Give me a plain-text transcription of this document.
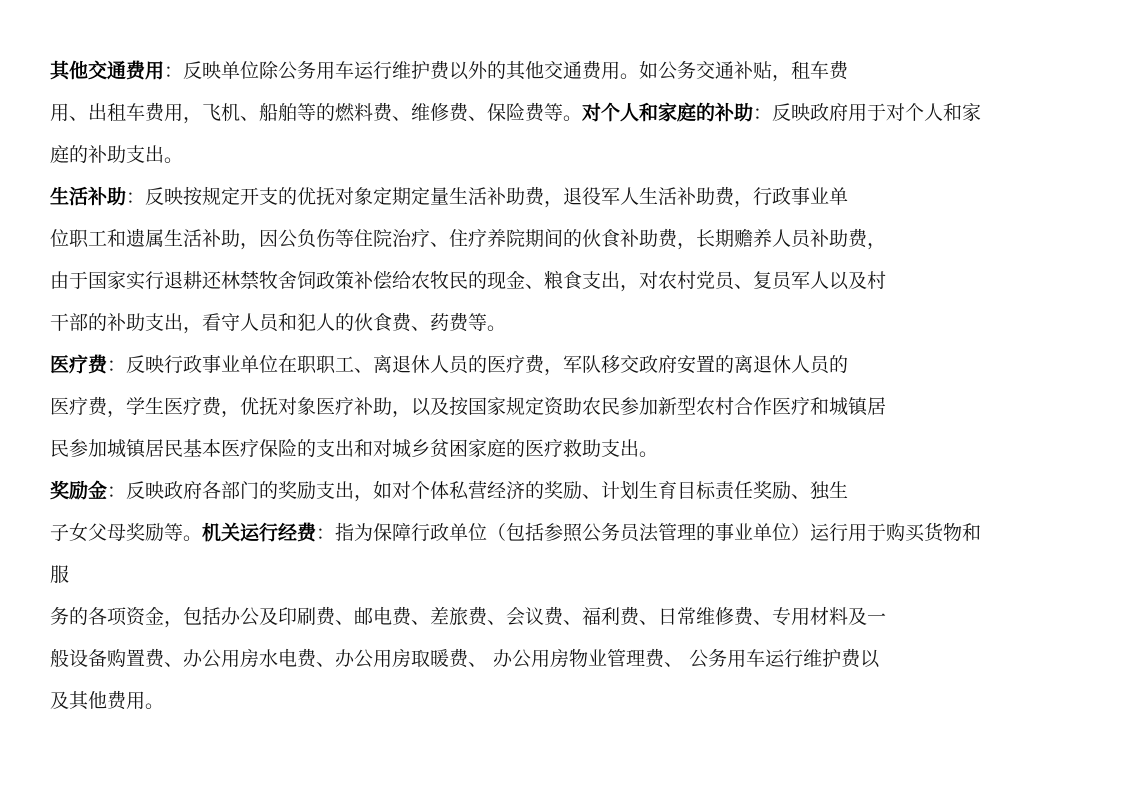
其他交通费用：反映单位除公务用车运行维护费以外的其他交通费用。如公务交通补贴，租车费
用、出租车费用，飞机、船舶等的燃料费、维修费、保险费等。对个人和家庭的补助：反映政府用于对个人和家
庭的补助支出。
生活补助：反映按规定开支的优抚对象定期定量生活补助费，退役军人生活补助费，行政事业单
位职工和遗属生活补助，因公负伤等住院治疗、住疗养院期间的伙食补助费，长期赡养人员补助费，
由于国家实行退耕还林禁牧舍饲政策补偿给农牧民的现金、粮食支出，对农村党员、复员军人以及村
干部的补助支出，看守人员和犯人的伙食费、药费等。
医疗费：反映行政事业单位在职职工、离退休人员的医疗费，军队移交政府安置的离退休人员的
医疗费，学生医疗费，优抚对象医疗补助，以及按国家规定资助农民参加新型农村合作医疗和城镇居
民参加城镇居民基本医疗保险的支出和对城乡贫困家庭的医疗救助支出。
奖励金：反映政府各部门的奖励支出，如对个体私营经济的奖励、计划生育目标责任奖励、独生
子女父母奖励等。机关运行经费：指为保障行政单位（包括参照公务员法管理的事业单位）运行用于购买货物和
服
务的各项资金，包括办公及印刷费、邮电费、差旅费、会议费、福利费、日常维修费、专用材料及一
般设备购置费、办公用房水电费、办公用房取暖费、 办公用房物业管理费、 公务用车运行维护费以
及其他费用。
